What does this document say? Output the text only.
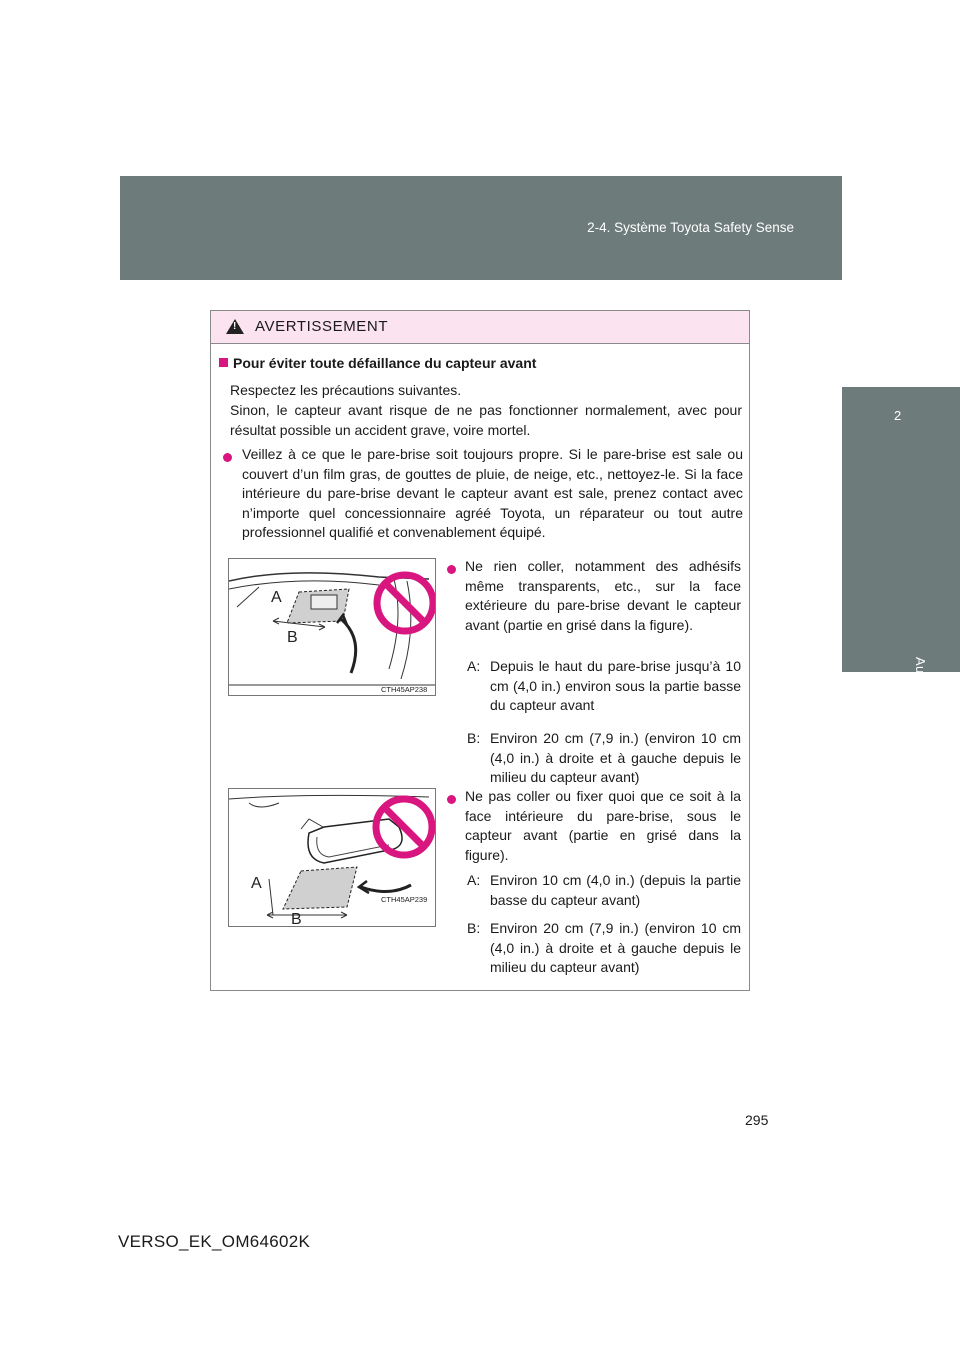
2-4. Système Toyota Safety Sense
2
Au volant
!
AVERTISSEMENT
Pour éviter toute défaillance du capteur avant
Respectez les précautions suivantes.
Sinon, le capteur avant risque de ne pas fonctionner normalement, avec pour résultat possible un accident grave, voire mortel.
Veillez à ce que le pare-brise soit toujours propre. Si le pare-brise est sale ou couvert d’un film gras, de gouttes de pluie, de neige, etc., nettoyez-le. Si la face intérieure du pare-brise devant le capteur avant est sale, prenez contact avec n’importe quel concessionnaire agréé Toyota, un réparateur ou tout autre professionnel qualifié et convenablement équipé.
A
B
CTH45AP238
Ne rien coller, notamment des adhésifs même transparents, etc., sur la face extérieure du pare-brise devant le capteur avant (partie en grisé dans la figure).
A: Depuis le haut du pare-brise jusqu’à 10 cm (4,0 in.) environ sous la partie basse du capteur avant
B: Environ 20 cm (7,9 in.) (environ 10 cm (4,0 in.) à droite et à gauche depuis le milieu du capteur avant)
A
B
CTH45AP239
Ne pas coller ou fixer quoi que ce soit à la face intérieure du pare-brise, sous le capteur avant (partie en grisé dans la figure).
A: Environ 10 cm (4,0 in.) (depuis la partie basse du capteur avant)
B: Environ 20 cm (7,9 in.) (environ 10 cm (4,0 in.) à droite et à gauche depuis le milieu du capteur avant)
295
VERSO_EK_OM64602K
